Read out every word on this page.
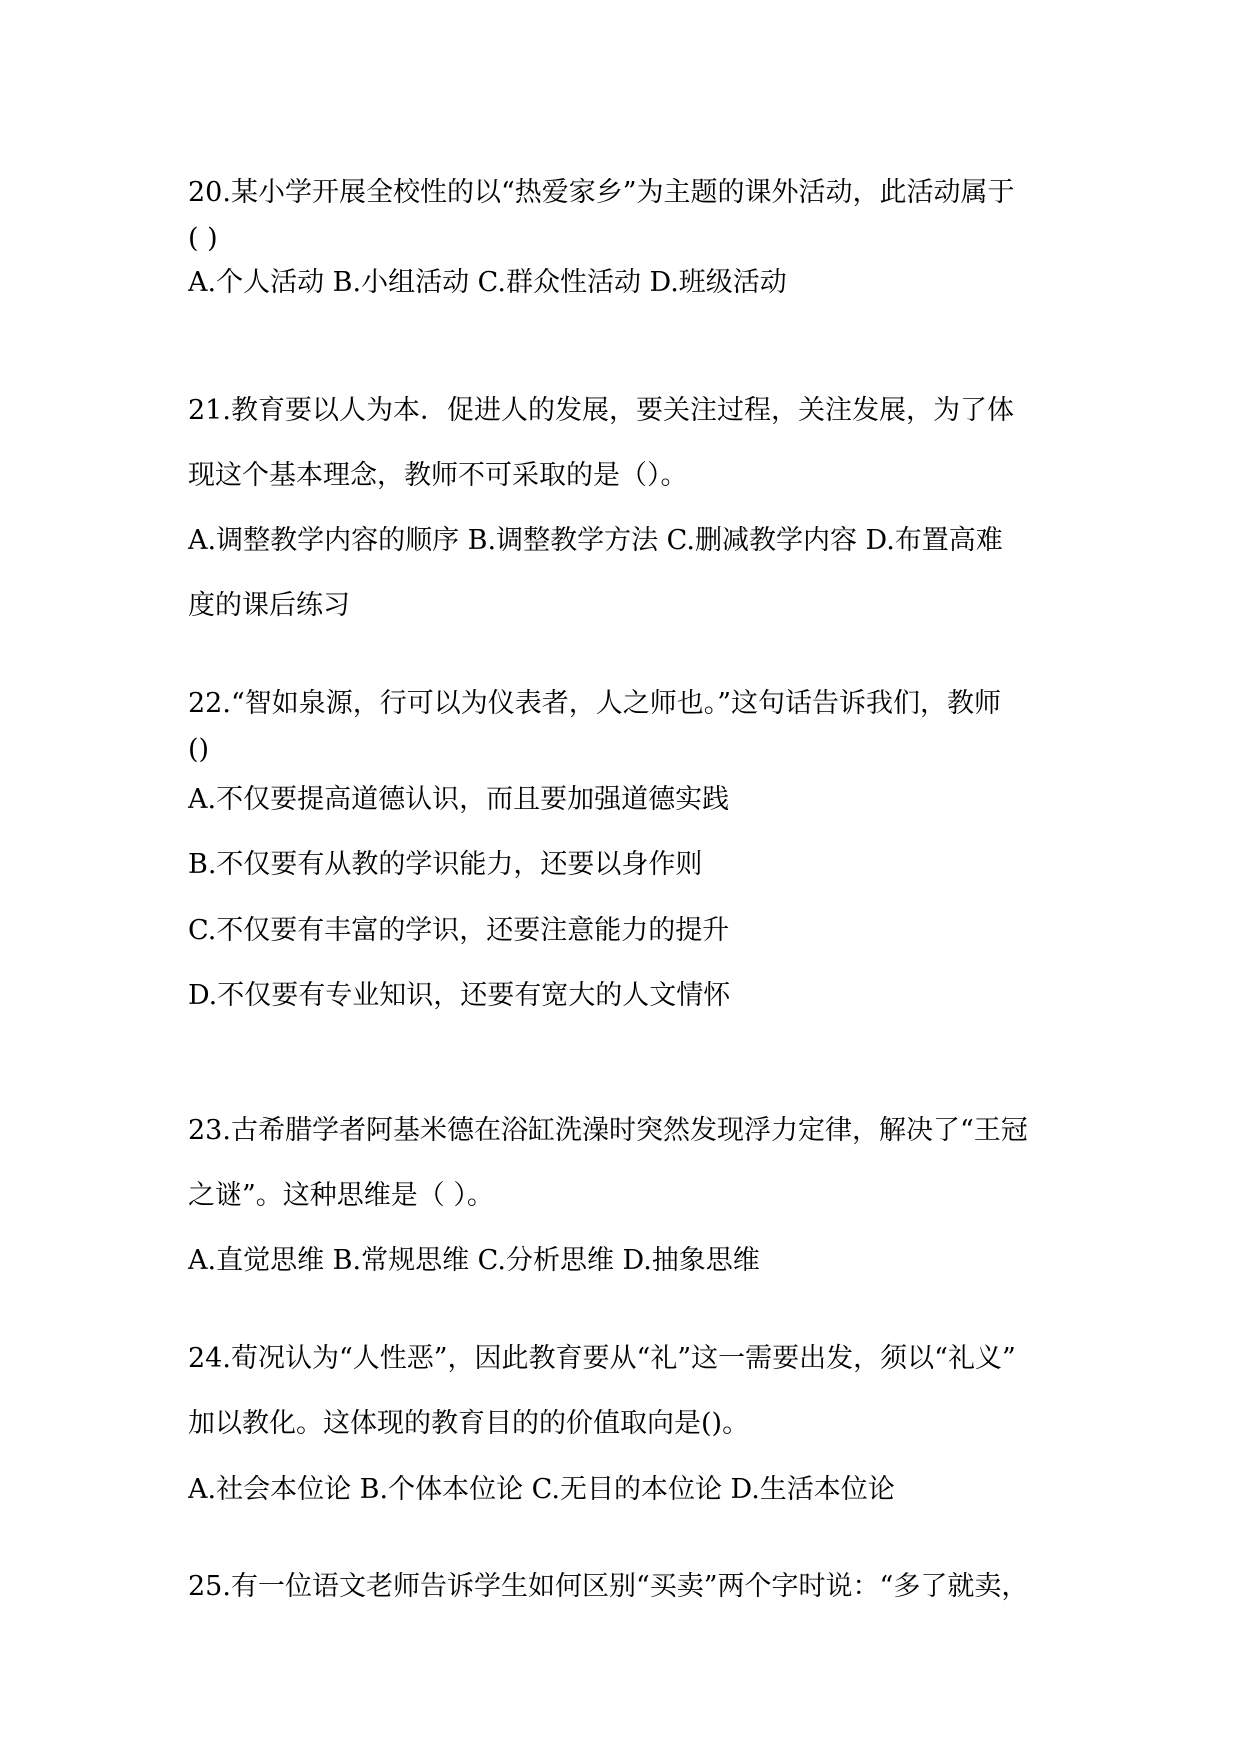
20.某小学开展全校性的以“热爱家乡”为主题的课外活动，此活动属于
( )
A.个人活动 B.小组活动 C.群众性活动 D.班级活动
21.教育要以人为本．促进人的发展，要关注过程，关注发展，为了体
现这个基本理念，教师不可采取的是（）。
A.调整教学内容的顺序 B.调整教学方法 C.删减教学内容 D.布置高难
度的课后练习
22.“智如泉源，行可以为仪表者，人之师也。”这句话告诉我们，教师
()
A.不仅要提高道德认识，而且要加强道德实践
B.不仅要有从教的学识能力，还要以身作则
C.不仅要有丰富的学识，还要注意能力的提升
D.不仅要有专业知识，还要有宽大的人文情怀
23.古希腊学者阿基米德在浴缸洗澡时突然发现浮力定律，解决了“王冠
之谜”。这种思维是（ ）。
A.直觉思维 B.常规思维 C.分析思维 D.抽象思维
24.荀况认为“人性恶”，因此教育要从“礼”这一需要出发，须以“礼义”
加以教化。这体现的教育目的的价值取向是()。
A.社会本位论 B.个体本位论 C.无目的本位论 D.生活本位论
25.有一位语文老师告诉学生如何区别“买卖”两个字时说：“多了就卖，
